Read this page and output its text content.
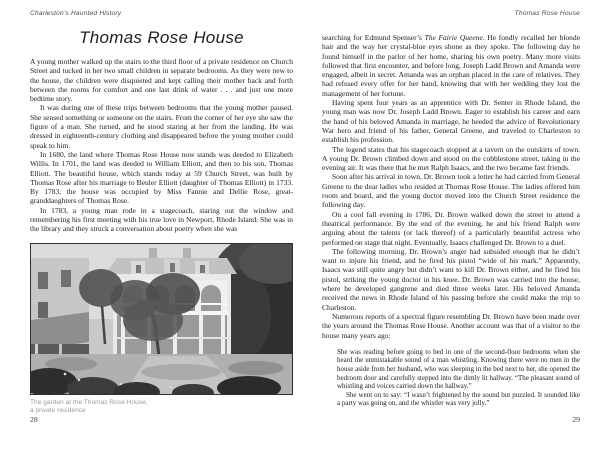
Charleston’s Haunted History
Thomas Rose House

A young mother walked up the stairs to the third floor of a private residence on Church Street and tucked in her two small children in separate bedrooms. As they were new to the house, the children were disquieted and kept calling their mother back and forth between the rooms for comfort and one last drink of water . . . and just one more bedtime story.

It was during one of these trips between bedrooms that the young mother paused. She sensed something or someone on the stairs. From the corner of her eye she saw the figure of a man. She turned, and he stood staring at her from the landing. He was dressed in eighteenth-century clothing and disappeared before the young mother could speak to him.

In 1680, the land where Thomas Rose House now stands was deeded to Elizabeth Willis. In 1701, the land was deeded to William Elliott, and then to his son, Thomas Elliott. The beautiful house, which stands today at 59 Church Street, was built by Thomas Rose after his marriage to Beuler Elliott (daughter of Thomas Elliott) in 1733. By 1783, the house was occupied by Miss Fannie and Dellie Rose, great-granddaughters of Thomas Rose.

In 1783, a young man rode in a stagecoach, staring out the window and remembering his first meeting with his true love in Newport, Rhode Island. She was in the library and they struck a conversation about poetry when she was

The garden at the Thomas Rose House,
a private residence
28
Thomas Rose House

searching for Edmund Spenser’s The Fairie Queene. He fondly recalled her blonde hair and the way her crystal-blue eyes shone as they spoke. The following day he found himself in the parlor of her home, sharing his own poetry. Many more visits followed that first encounter, and before long, Joseph Ladd Brown and Amanda were engaged, albeit in secret. Amanda was an orphan placed in the care of relatives. They had refused every offer for her hand, knowing that with her wedding they lost the management of her fortune.

Having spent four years as an apprentice with Dr. Senter in Rhode Island, the young man was now Dr. Joseph Ladd Brown. Eager to establish his career and earn the hand of his beloved Amanda in marriage, he heeded the advice of Revolutionary War hero and friend of his father, General Greene, and traveled to Charleston to establish his profession.

The legend states that his stagecoach stopped at a tavern on the outskirts of town. A young Dr. Brown climbed down and stood on the cobblestone street, taking in the evening air. It was there that he met Ralph Isaacs, and the two became fast friends.

Soon after his arrival in town, Dr. Brown took a letter he had carried from General Greene to the dear ladies who resided at Thomas Rose House. The ladies offered him room and board, and the young doctor moved into the Church Street residence the following day.

On a cool fall evening in 1786, Dr. Brown walked down the street to attend a theatrical performance. By the end of the evening, he and his friend Ralph were arguing about the talents (or lack thereof) of a particularly beautiful actress who performed on stage that night. Eventually, Isaacs challenged Dr. Brown to a duel.

The following morning, Dr. Brown’s anger had subsided enough that he didn’t want to injure his friend, and he fired his pistol “wide of his mark.” Apparently, Isaacs was still quite angry but didn’t want to kill Dr. Brown either, and he fired his pistol, striking the young doctor in his knee. Dr. Brown was carried into the house, where he developed gangrene and died three weeks later. His beloved Amanda received the news in Rhode Island of his passing before she could make the trip to Charleston.

Numerous reports of a spectral figure resembling Dr. Brown have been made over the years around the Thomas Rose House. Another account was that of a visitor to the house many years ago:

She was reading before going to bed in one of the second-floor bedrooms when she heard the unmistakable sound of a man whistling. Knowing there were no men in the house aside from her husband, who was sleeping in the bed next to her, she opened the bedroom door and carefully stepped into the dimly lit hallway. “The pleasant sound of whistling and voices carried down the hallway.”

She went on to say: “I wasn’t frightened by the sound but puzzled. It sounded like a party was going on, and the whistler was very jolly.”

29
